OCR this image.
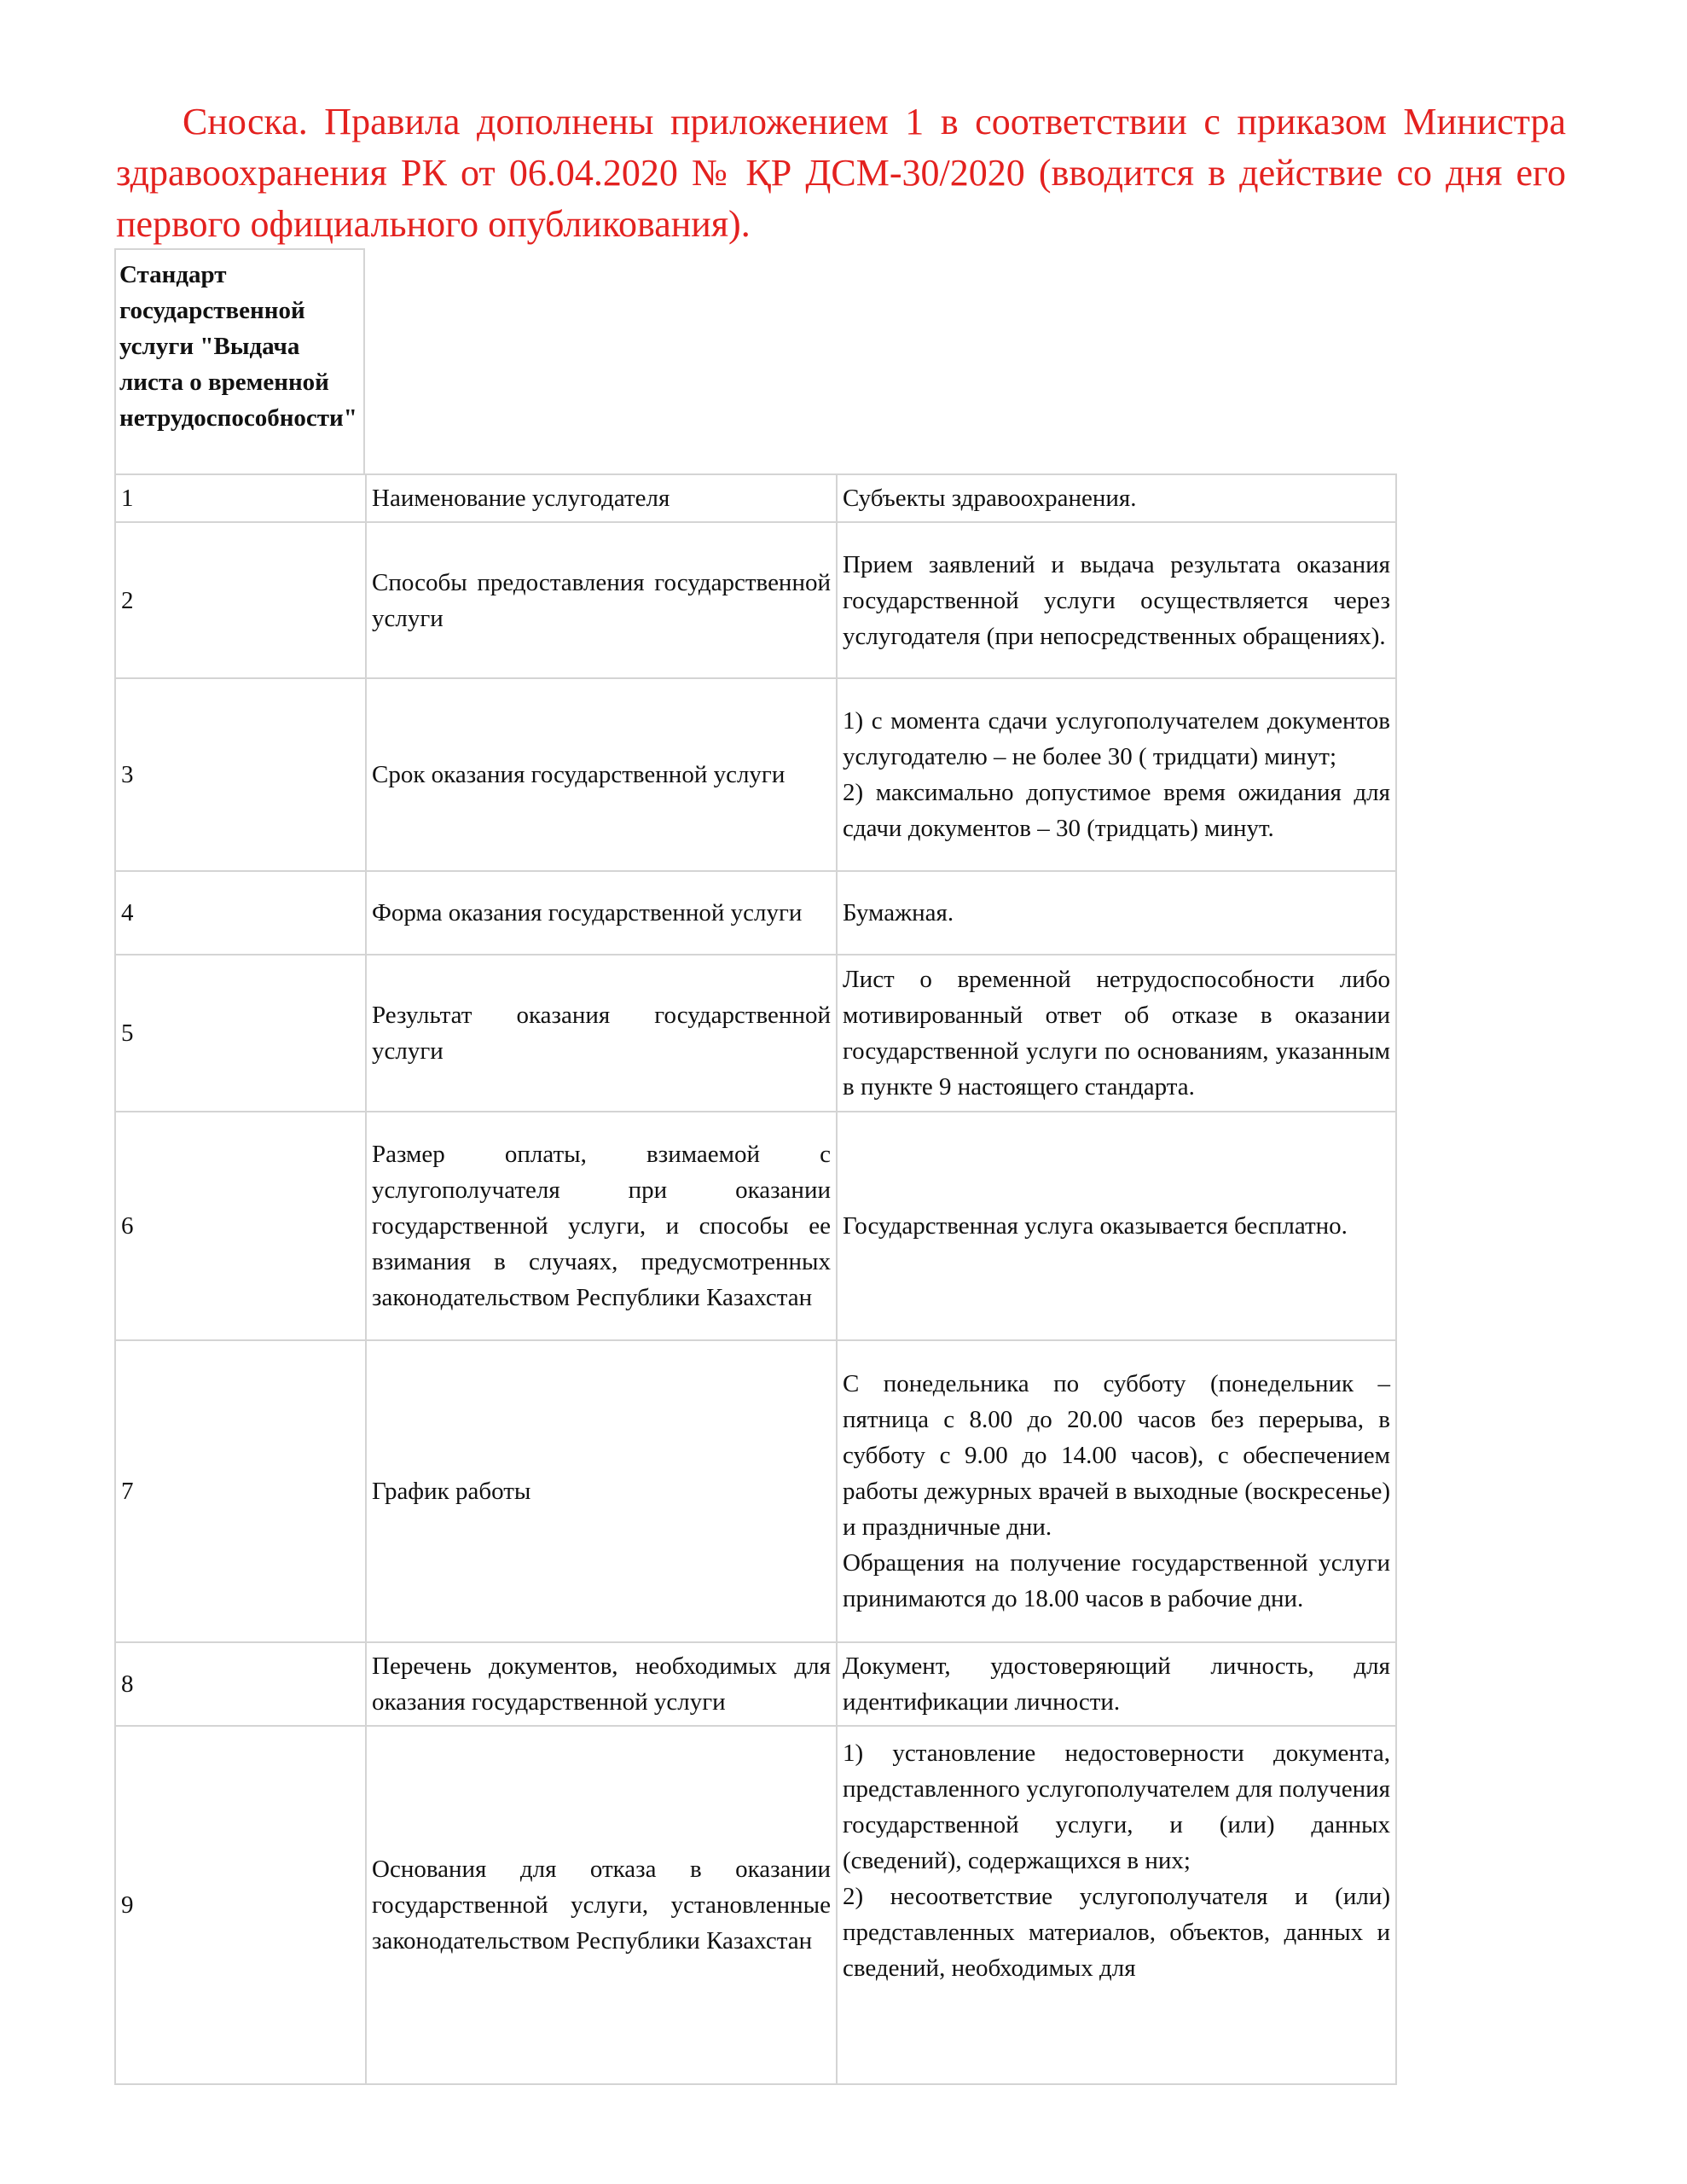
Сноска. Правила дополнены приложением 1 в соответствии с приказом Министра здравоохранения РК от 06.04.2020 № ҚР ДСМ-30/2020 (вводится в действие со дня его первого официального опубликования).
Стандарт государственной услуги "Выдача листа о временной нетрудоспособности"
1	Наименование услугодателя	Субъекты здравоохранения.

2	Способы предоставления государственной услуги	Прием заявлений и выдача результата оказания государственной услуги осуществляется через услугодателя (при непосредственных обращениях).

3	Срок оказания государственной услуги	1) с момента сдачи услугополучателем документов услугодателю – не более 30 ( тридцати) минут;
2) максимально допустимое время ожидания для сдачи документов – 30 (тридцать) минут.

4	Форма оказания государственной услуги	Бумажная.

5	Результат оказания государственной услуги	Лист о временной нетрудоспособности либо мотивированный ответ об отказе в оказании государственной услуги по основаниям, указанным в пункте 9 настоящего стандарта.

6	Размер оплаты, взимаемой с услугополучателя при оказании государственной услуги, и способы ее взимания в случаях, предусмотренных законодательством Республики Казахстан	Государственная услуга оказывается бесплатно.

7	График работы	С понедельника по субботу (понедельник – пятница с 8.00 до 20.00 часов без перерыва, в субботу с 9.00 до 14.00 часов), с обеспечением работы дежурных врачей в выходные (воскресенье) и праздничные дни.
Обращения на получение государственной услуги принимаются до 18.00 часов в рабочие дни.

8	Перечень документов, необходимых для оказания государственной услуги	Документ, удостоверяющий личность, для идентификации личности.

9	Основания для отказа в оказании государственной услуги, установленные законодательством Республики Казахстан	1) установление недостоверности документа, представленного услугополучателем для получения государственной услуги, и (или) данных (сведений), содержащихся в них;
2) несоответствие услугополучателя и (или) представленных материалов, объектов, данных и сведений, необходимых для
